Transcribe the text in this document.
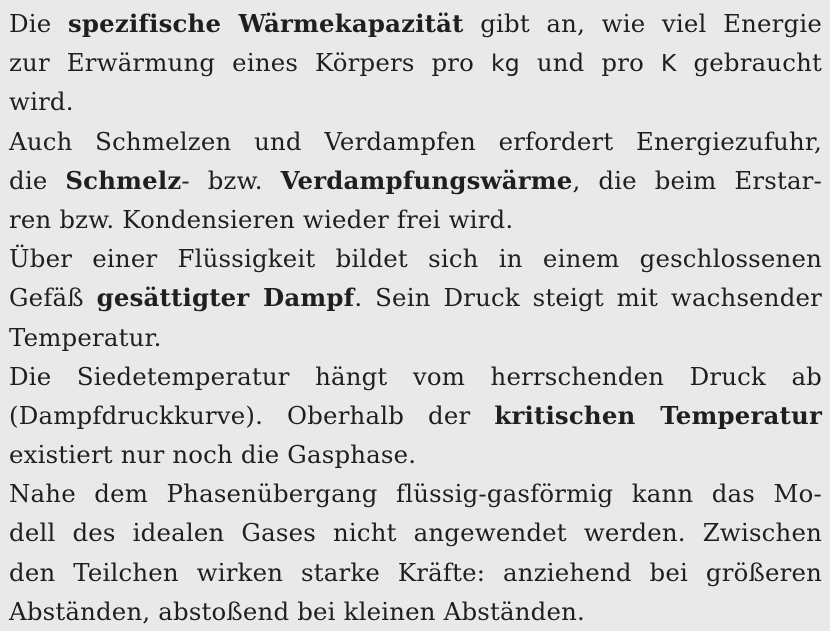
Die spezifische Wärmekapazität gibt an, wie viel Energie
zur Erwärmung eines Körpers pro kg und pro K gebraucht
wird.
Auch Schmelzen und Verdampfen erfordert Energiezufuhr,
die Schmelz- bzw. Verdampfungswärme, die beim Erstar-
ren bzw. Kondensieren wieder frei wird.
Über einer Flüssigkeit bildet sich in einem geschlossenen
Gefäß gesättigter Dampf. Sein Druck steigt mit wachsender
Temperatur.
Die Siedetemperatur hängt vom herrschenden Druck ab
(Dampfdruckkurve). Oberhalb der kritischen Temperatur
existiert nur noch die Gasphase.
Nahe dem Phasenübergang flüssig-gasförmig kann das Mo-
dell des idealen Gases nicht angewendet werden. Zwischen
den Teilchen wirken starke Kräfte: anziehend bei größeren
Abständen, abstoßend bei kleinen Abständen.
